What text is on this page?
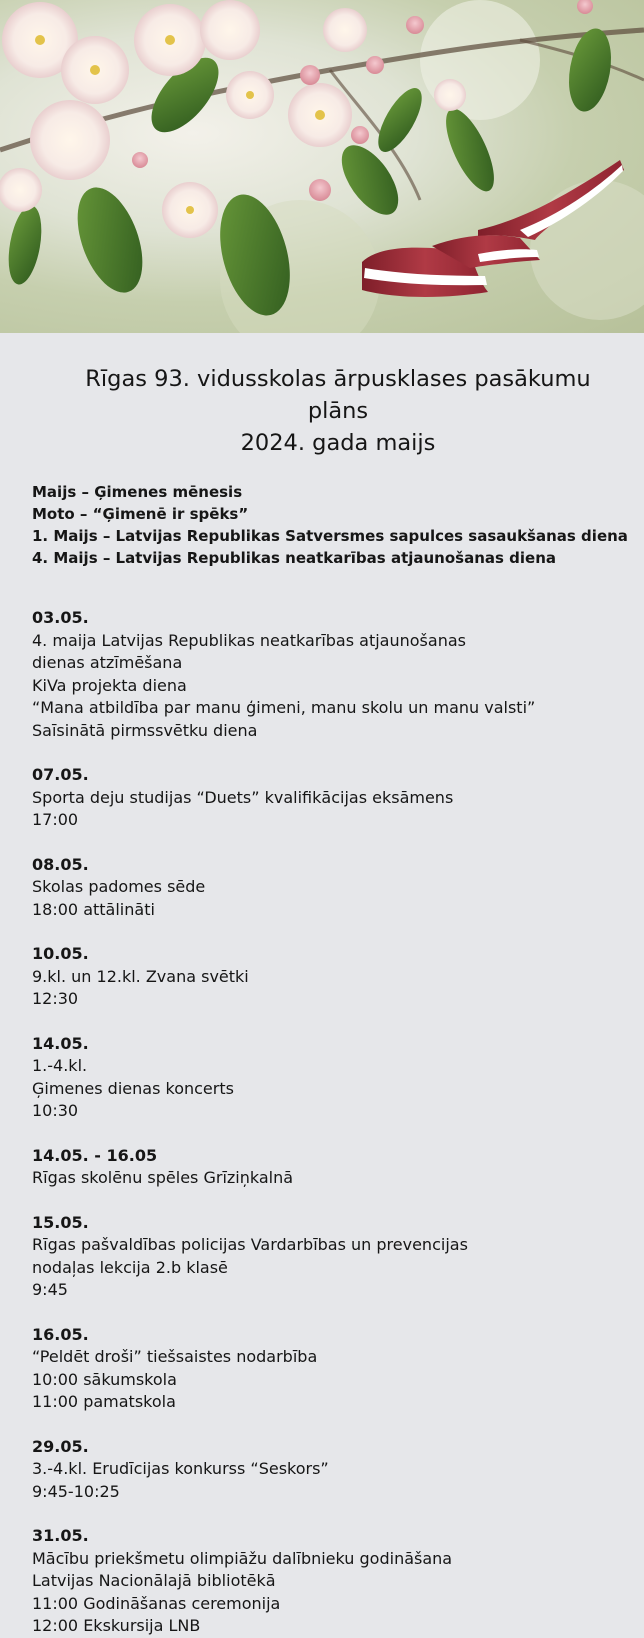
Rīgas 93. vidusskolas ārpusklases pasākumu plāns
2024. gada maijs
Maijs – Ģimenes mēnesis
Moto – “Ģimenē ir spēks”
1. Maijs – Latvijas Republikas Satversmes sapulces sasaukšanas diena
4. Maijs – Latvijas Republikas neatkarības atjaunošanas diena
03.05.
4. maija Latvijas Republikas neatkarības atjaunošanas
dienas atzīmēšana
KiVa projekta diena
“Mana atbildība par manu ģimeni, manu skolu un manu valsti”
Saīsinātā pirmssvētku diena
07.05.
Sporta deju studijas “Duets” kvalifikācijas eksāmens
17:00
08.05.
Skolas padomes sēde
18:00 attālināti
10.05.
9.kl. un 12.kl. Zvana svētki
12:30
14.05.
1.-4.kl.
Ģimenes dienas koncerts
10:30
14.05. - 16.05
Rīgas skolēnu spēles Grīziņkalnā
15.05.
Rīgas pašvaldības policijas Vardarbības un prevencijas
nodaļas lekcija 2.b klasē
9:45
16.05.
“Peldēt droši” tiešsaistes nodarbība
10:00 sākumskola
11:00 pamatskola
29.05.
3.-4.kl. Erudīcijas konkurss “Seskors”
9:45-10:25
31.05.
Mācību priekšmetu olimpiāžu dalībnieku godināšana
Latvijas Nacionālajā bibliotēkā
11:00 Godināšanas ceremonija
12:00 Ekskursija LNB
